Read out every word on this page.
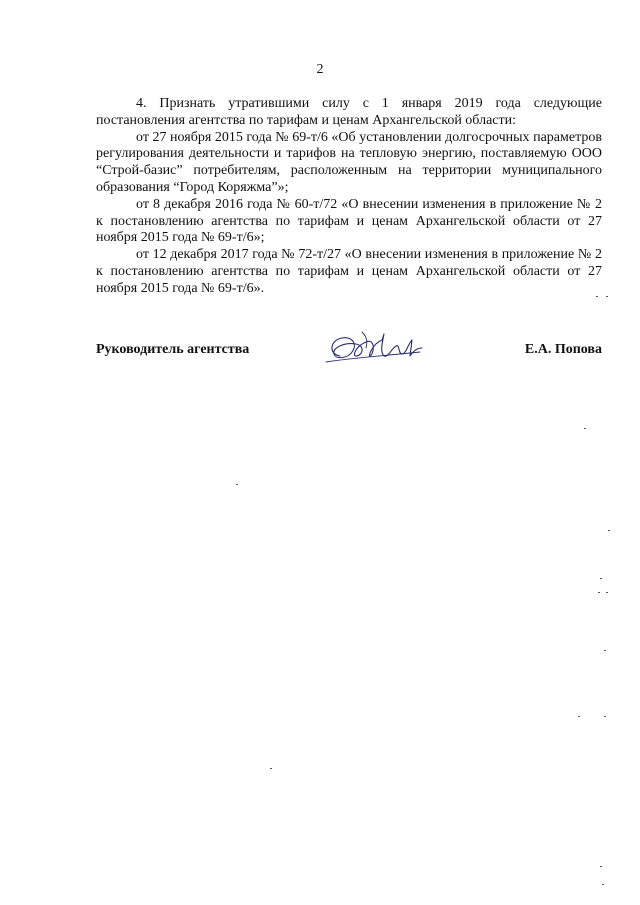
2

4. Признать утратившими силу с 1 января 2019 года следующие постановления агентства по тарифам и ценам Архангельской области:

от 27 ноября 2015 года № 69-т/6 «Об установлении долгосрочных параметров регулирования деятельности и тарифов на тепловую энергию, поставляемую ООО “Строй-базис” потребителям, расположенным на территории муниципального образования “Город Коряжма”»;

от 8 декабря 2016 года № 60-т/72 «О внесении изменения в приложение № 2 к постановлению агентства по тарифам и ценам Архангельской области от 27 ноября 2015 года № 69-т/6»;

от 12 декабря 2017 года № 72-т/27 «О внесении изменения в приложение № 2 к постановлению агентства по тарифам и ценам Архангельской области от 27 ноября 2015 года № 69-т/6».

Руководитель агентства	Е.А. Попова
